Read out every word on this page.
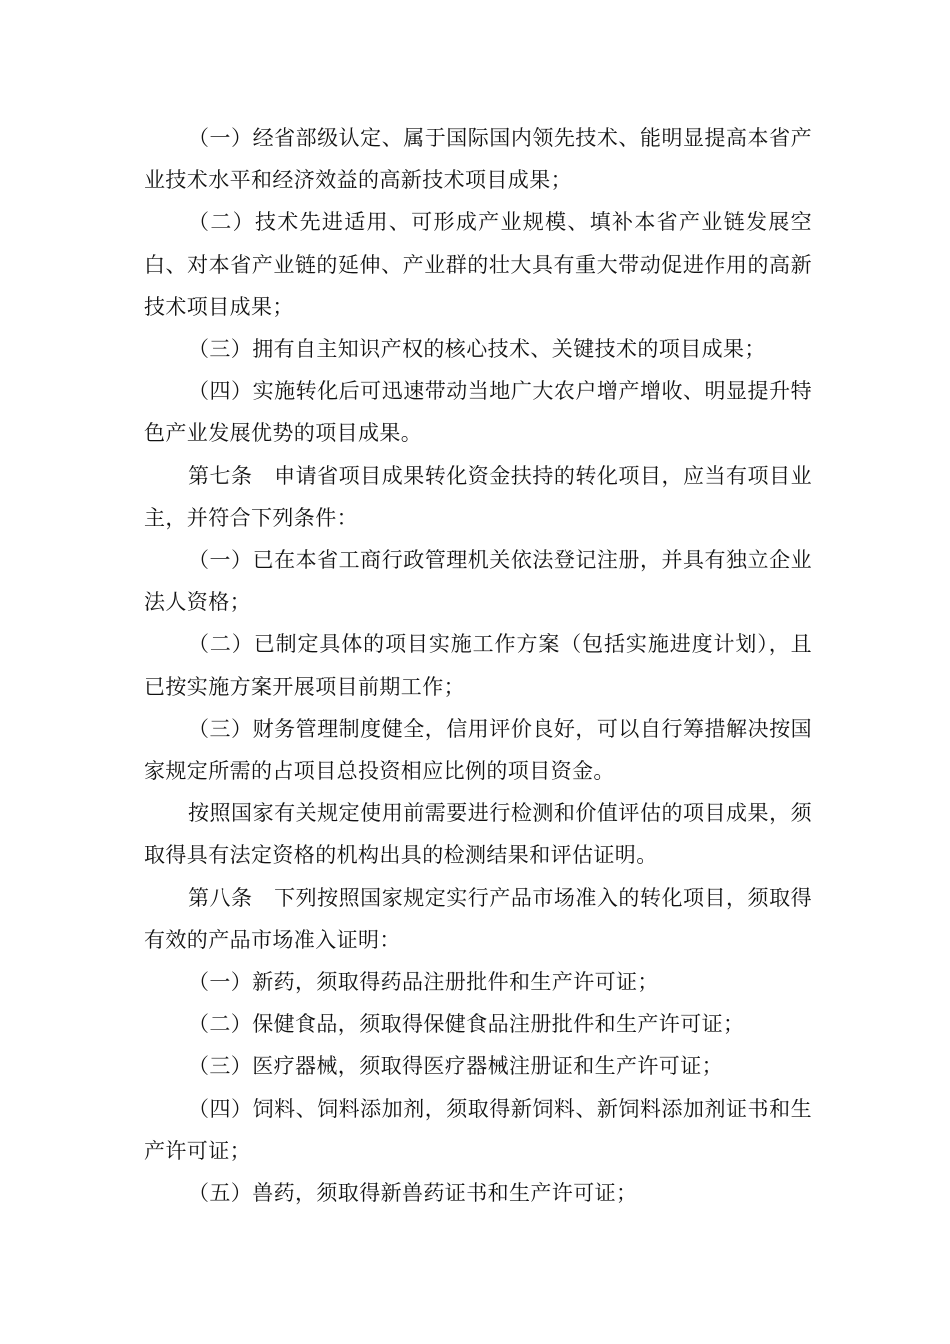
（一）经省部级认定、属于国际国内领先技术、能明显提高本省产业技术水平和经济效益的高新技术项目成果；

（二）技术先进适用、可形成产业规模、填补本省产业链发展空白、对本省产业链的延伸、产业群的壮大具有重大带动促进作用的高新技术项目成果；

（三）拥有自主知识产权的核心技术、关键技术的项目成果；

（四）实施转化后可迅速带动当地广大农户增产增收、明显提升特色产业发展优势的项目成果。

第七条　申请省项目成果转化资金扶持的转化项目，应当有项目业主，并符合下列条件：

（一）已在本省工商行政管理机关依法登记注册，并具有独立企业法人资格；

（二）已制定具体的项目实施工作方案（包括实施进度计划），且已按实施方案开展项目前期工作；

（三）财务管理制度健全，信用评价良好，可以自行筹措解决按国家规定所需的占项目总投资相应比例的项目资金。

按照国家有关规定使用前需要进行检测和价值评估的项目成果，须取得具有法定资格的机构出具的检测结果和评估证明。

第八条　下列按照国家规定实行产品市场准入的转化项目，须取得有效的产品市场准入证明：

（一）新药，须取得药品注册批件和生产许可证；

（二）保健食品，须取得保健食品注册批件和生产许可证；

（三）医疗器械，须取得医疗器械注册证和生产许可证；

（四）饲料、饲料添加剂，须取得新饲料、新饲料添加剂证书和生产许可证；

（五）兽药，须取得新兽药证书和生产许可证；
